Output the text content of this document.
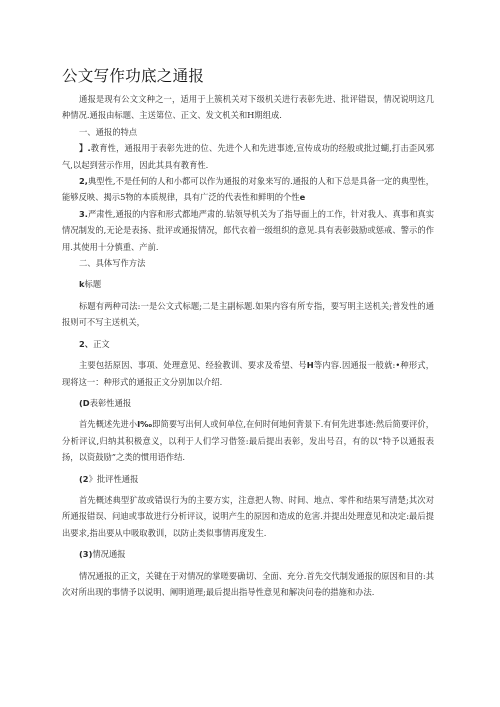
公文写作功底之通报

通报是现有公文文种之一，适用于上簇机关对下级机关进行表彰先进、批评错误，情况说明这几种情况.通报由标题、主送第位、正文、发文机关和H期组成.

一、通报的特点

】.教育性，通报用于表彰先进的位、先进个人和先进事迹,宣传成功的经般或批过蝴,打击歪风邪气,以起到营示作用，因此其具有教育性.

2,典型性,不是任何的人和小都可以作为通报的对象来写的.通报的人和下总是具备一定的典型性，能够反映、揭示5物的本质规律，具有广泛的代表性和鲜明的个性e

3.严肃性,通报的内容和形式都地严肃的.钻领导机关为了指导面上的工作，针对我人、真事和真实情况制发的,无论是表扬、批评或通报情况，郎代衣着一级组织的意见.具有表彰鼓励或惩戒、警示的作用.其使用十分慎重、产前.

二、具体写作方法

k标题

标题有两种司法:一是公文式标题;二是主副标题.如果内容有所专指，要写明主送机关;普发性的通报则可不写主送机关，

2、正文

主要包括原因、事项、处理意见、经验教训、要求及希望、号H等内容.因通报一般就:•种形式，现将这一：种形式的通报正文分别加以介绍.

(D表彰性通报

首先概述先进小I‰即简要写出何人或何单位,在何时何地何背景下.有何先进事迹:然后简要评价，分析评议,归纳其积极意义，以利于人们学习借签:最后提出表彰，发出号召，有的以“特予以通报表扬，以资鼓励”之类的惯用语作结.

(2》批评性通报

首先概述典型犷故或错误行为的主要方实，注意把人物、时间、地点、零件和结果写清楚;其次对所通报错误、问迪或事故进行分析评议，说明产生的原因和造成的危害.并提出处理意见和决定:最后提出要求,指出要从中吸取教训，以防止类似事情再度发生.

(3)情况通报

情况通报的正文，关键在于对情况的掌嗟要确切、全面、充分.首先交代制发通报的原因和目的:其次对所出现的事情予以说明、阐明道理;最后提出指导性意见和解决问卷的措施和办法.
